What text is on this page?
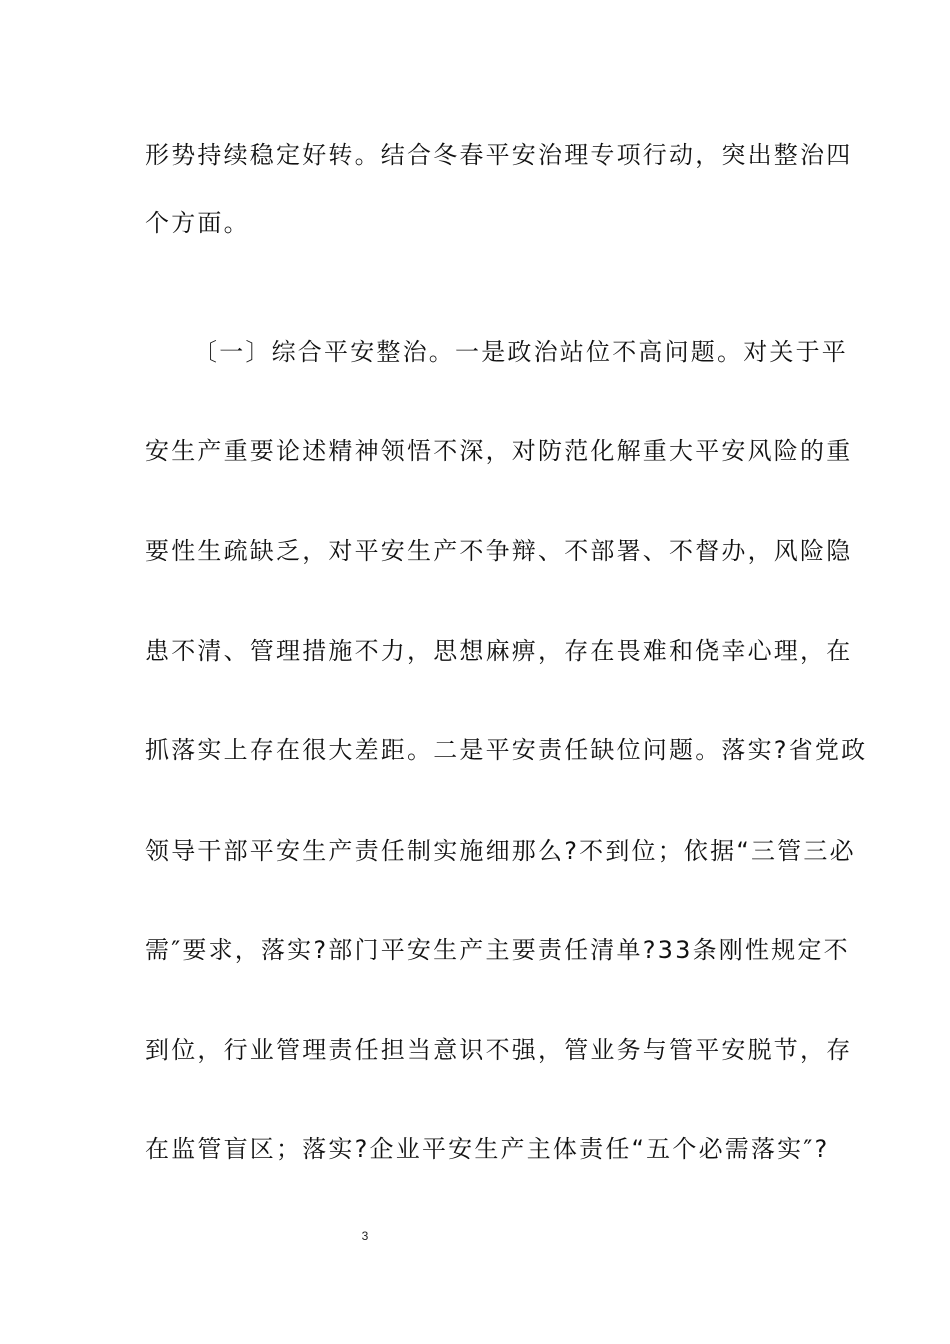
形势持续稳定好转。结合冬春平安治理专项行动，突出整治四
个方面。
〔一〕综合平安整治。一是政治站位不高问题。对关于平
安生产重要论述精神领悟不深，对防范化解重大平安风险的重
要性生疏缺乏，对平安生产不争辩、不部署、不督办，风险隐
患不清、管理措施不力，思想麻痹，存在畏难和侥幸心理，在
抓落实上存在很大差距。二是平安责任缺位问题。落实?省党政
领导干部平安生产责任制实施细那么?不到位；依据“三管三必
需″要求，落实?部门平安生产主要责任清单?33条刚性规定不
到位，行业管理责任担当意识不强，管业务与管平安脱节，存
在监管盲区；落实?企业平安生产主体责任“五个必需落实″?
3
